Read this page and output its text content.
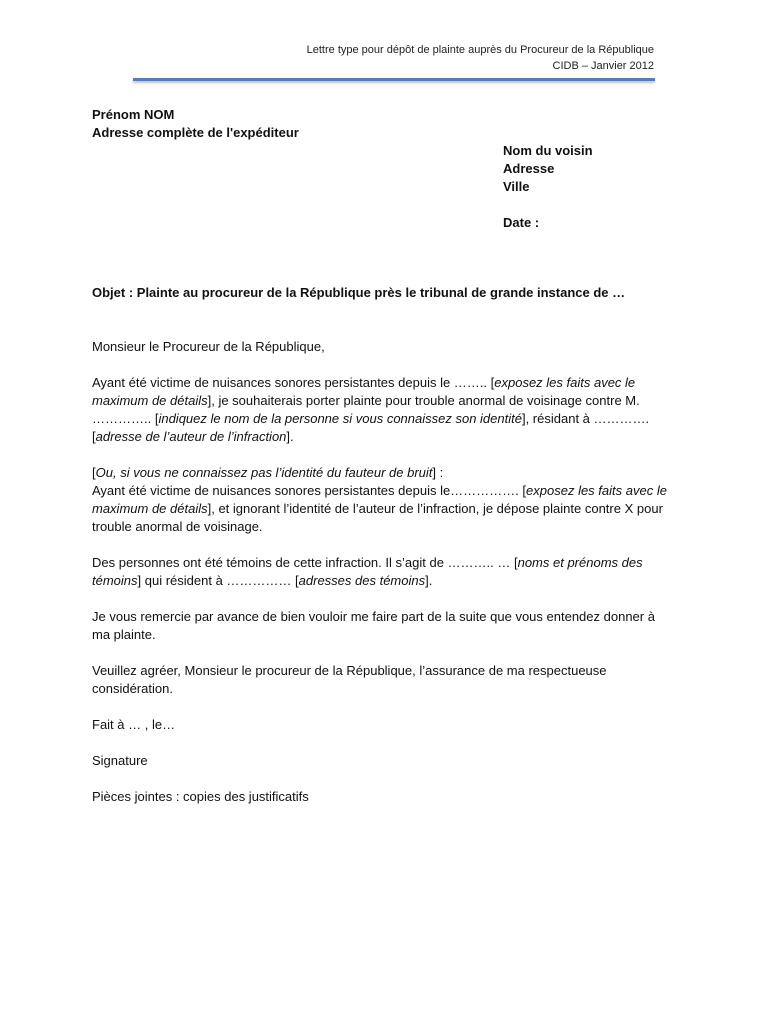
Lettre type pour dépôt de plainte auprès du Procureur de la République
CIDB – Janvier 2012
Prénom NOM
Adresse complète de l'expéditeur
Nom du voisin
Adresse
Ville
Date :
Objet : Plainte au procureur de la République près le tribunal de grande instance de …

Monsieur le Procureur de la République,

Ayant été victime de nuisances sonores persistantes depuis le …….. [exposez les faits avec le maximum de détails], je souhaiterais porter plainte pour trouble anormal de voisinage contre M. ………….. [indiquez le nom de la personne si vous connaissez son identité], résidant à …………. [adresse de l’auteur de l’infraction].

[Ou, si vous ne connaissez pas l’identité du fauteur de bruit] :
Ayant été victime de nuisances sonores persistantes depuis le……………. [exposez les faits avec le maximum de détails], et ignorant l’identité de l’auteur de l’infraction, je dépose plainte contre X pour trouble anormal de voisinage.

Des personnes ont été témoins de cette infraction. Il s’agit de ……….. … [noms et prénoms des témoins] qui résident à …………… [adresses des témoins].

Je vous remercie par avance de bien vouloir me faire part de la suite que vous entendez donner à ma plainte.

Veuillez agréer, Monsieur le procureur de la République, l’assurance de ma respectueuse considération.

Fait à … , le…

Signature

Pièces jointes : copies des justificatifs
